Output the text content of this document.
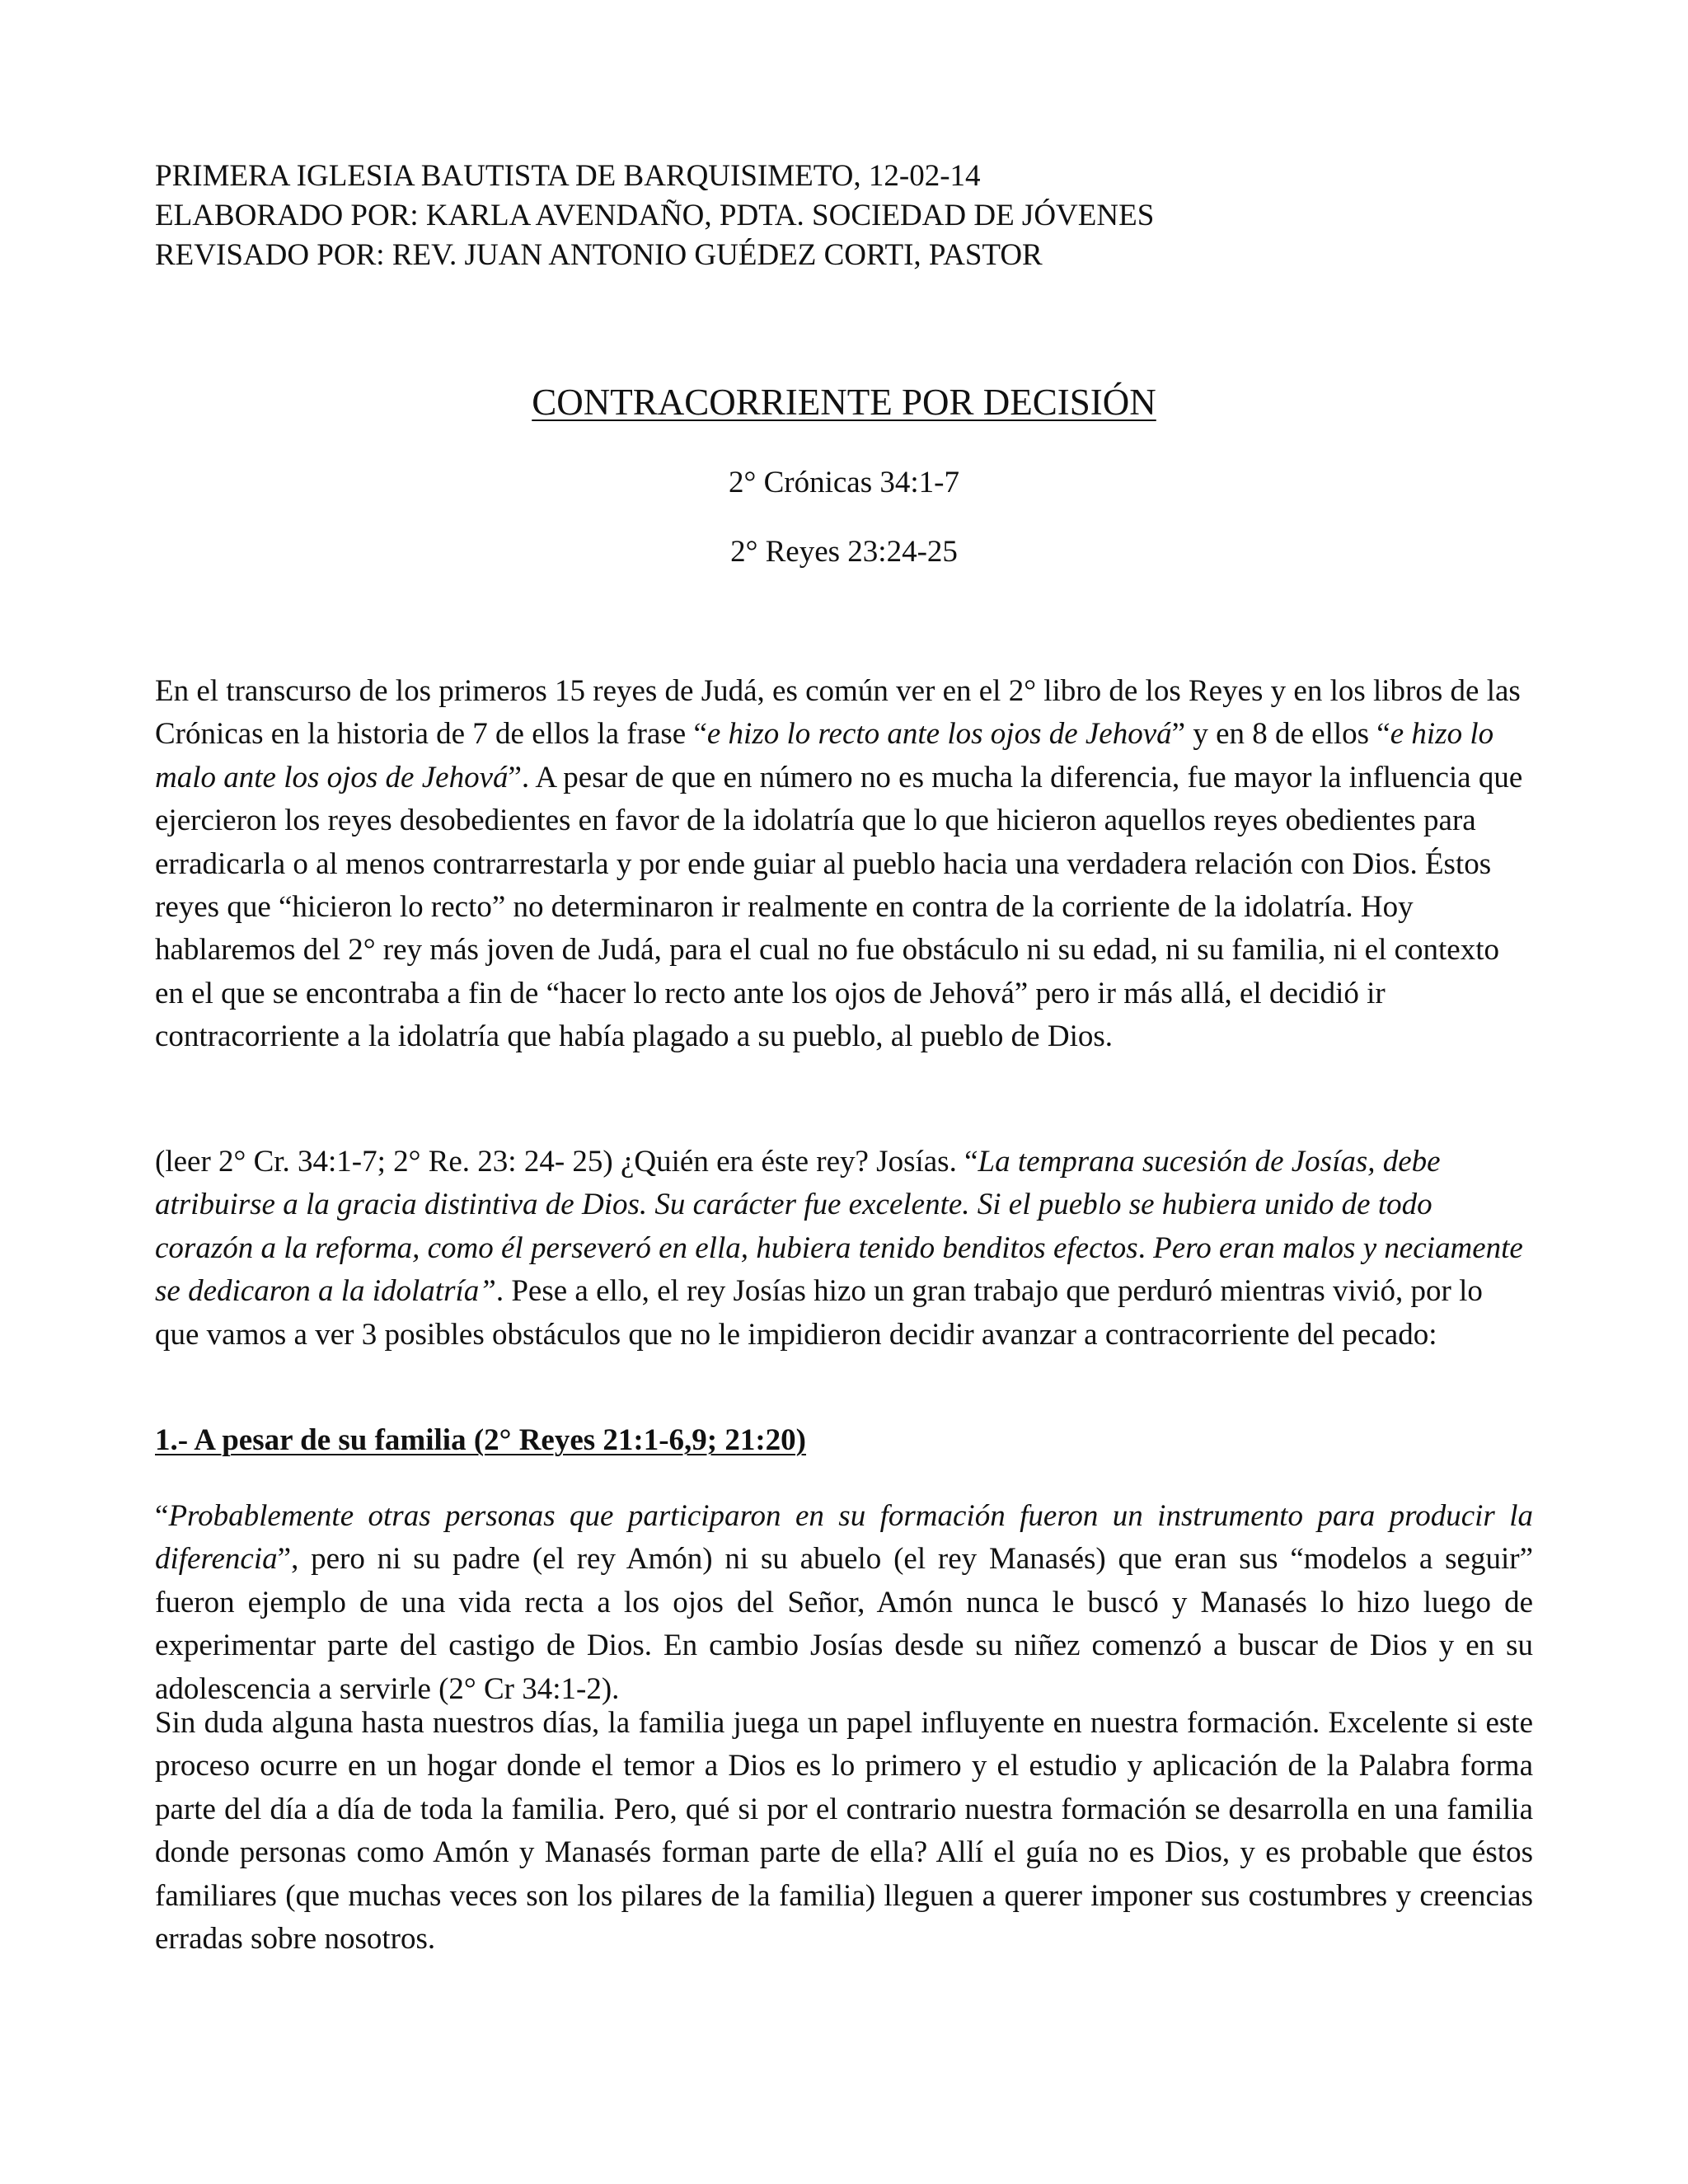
PRIMERA IGLESIA BAUTISTA DE BARQUISIMETO, 12-02-14
ELABORADO POR: KARLA AVENDAÑO, PDTA. SOCIEDAD DE JÓVENES
REVISADO POR: REV. JUAN ANTONIO GUÉDEZ CORTI, PASTOR
CONTRACORRIENTE POR DECISIÓN
2° Crónicas 34:1-7
2° Reyes 23:24-25

En el transcurso de los primeros 15 reyes de Judá, es común ver en el 2° libro de los Reyes y en los libros de las Crónicas en la historia de 7 de ellos la frase “e hizo lo recto ante los ojos de Jehová” y en 8 de ellos “e hizo lo malo ante los ojos de Jehová”. A pesar de que en número no es mucha la diferencia, fue mayor la influencia que ejercieron los reyes desobedientes en favor de la idolatría que lo que hicieron aquellos reyes obedientes para erradicarla o al menos contrarrestarla y por ende guiar al pueblo hacia una verdadera relación con Dios. Éstos reyes que “hicieron lo recto” no determinaron ir realmente en contra de la corriente de la idolatría. Hoy hablaremos del 2° rey más joven de Judá, para el cual no fue obstáculo ni su edad, ni su familia, ni el contexto en el que se encontraba a fin de “hacer lo recto ante los ojos de Jehová” pero ir más allá, el decidió ir contracorriente a la idolatría que había plagado a su pueblo, al pueblo de Dios.

(leer 2° Cr. 34:1-7; 2° Re. 23: 24- 25) ¿Quién era éste rey? Josías. “La temprana sucesión de Josías, debe atribuirse a la gracia distintiva de Dios. Su carácter fue excelente. Si el pueblo se hubiera unido de todo corazón a la reforma, como él perseveró en ella, hubiera tenido benditos efectos. Pero eran malos y neciamente se dedicaron a la idolatría”. Pese a ello, el rey Josías hizo un gran trabajo que perduró mientras vivió, por lo que vamos a ver 3 posibles obstáculos que no le impidieron decidir avanzar a contracorriente del pecado:

1.- A pesar de su familia (2° Reyes 21:1-6,9; 21:20)

“Probablemente otras personas que participaron en su formación fueron un instrumento para producir la diferencia”, pero ni su padre (el rey Amón) ni su abuelo (el rey Manasés) que eran sus “modelos a seguir” fueron ejemplo de una vida recta a los ojos del Señor, Amón nunca le buscó y Manasés lo hizo luego de experimentar parte del castigo de Dios. En cambio Josías desde su niñez comenzó a buscar de Dios y en su adolescencia a servirle (2° Cr 34:1-2).

Sin duda alguna hasta nuestros días, la familia juega un papel influyente en nuestra formación. Excelente si este proceso ocurre en un hogar donde el temor a Dios es lo primero y el estudio y aplicación de la Palabra forma parte del día a día de toda la familia. Pero, qué si por el contrario nuestra formación se desarrolla en una familia donde personas como Amón y Manasés forman parte de ella? Allí el guía no es Dios, y es probable que éstos familiares (que muchas veces son los pilares de la familia) lleguen a querer imponer sus costumbres y creencias erradas sobre nosotros.
